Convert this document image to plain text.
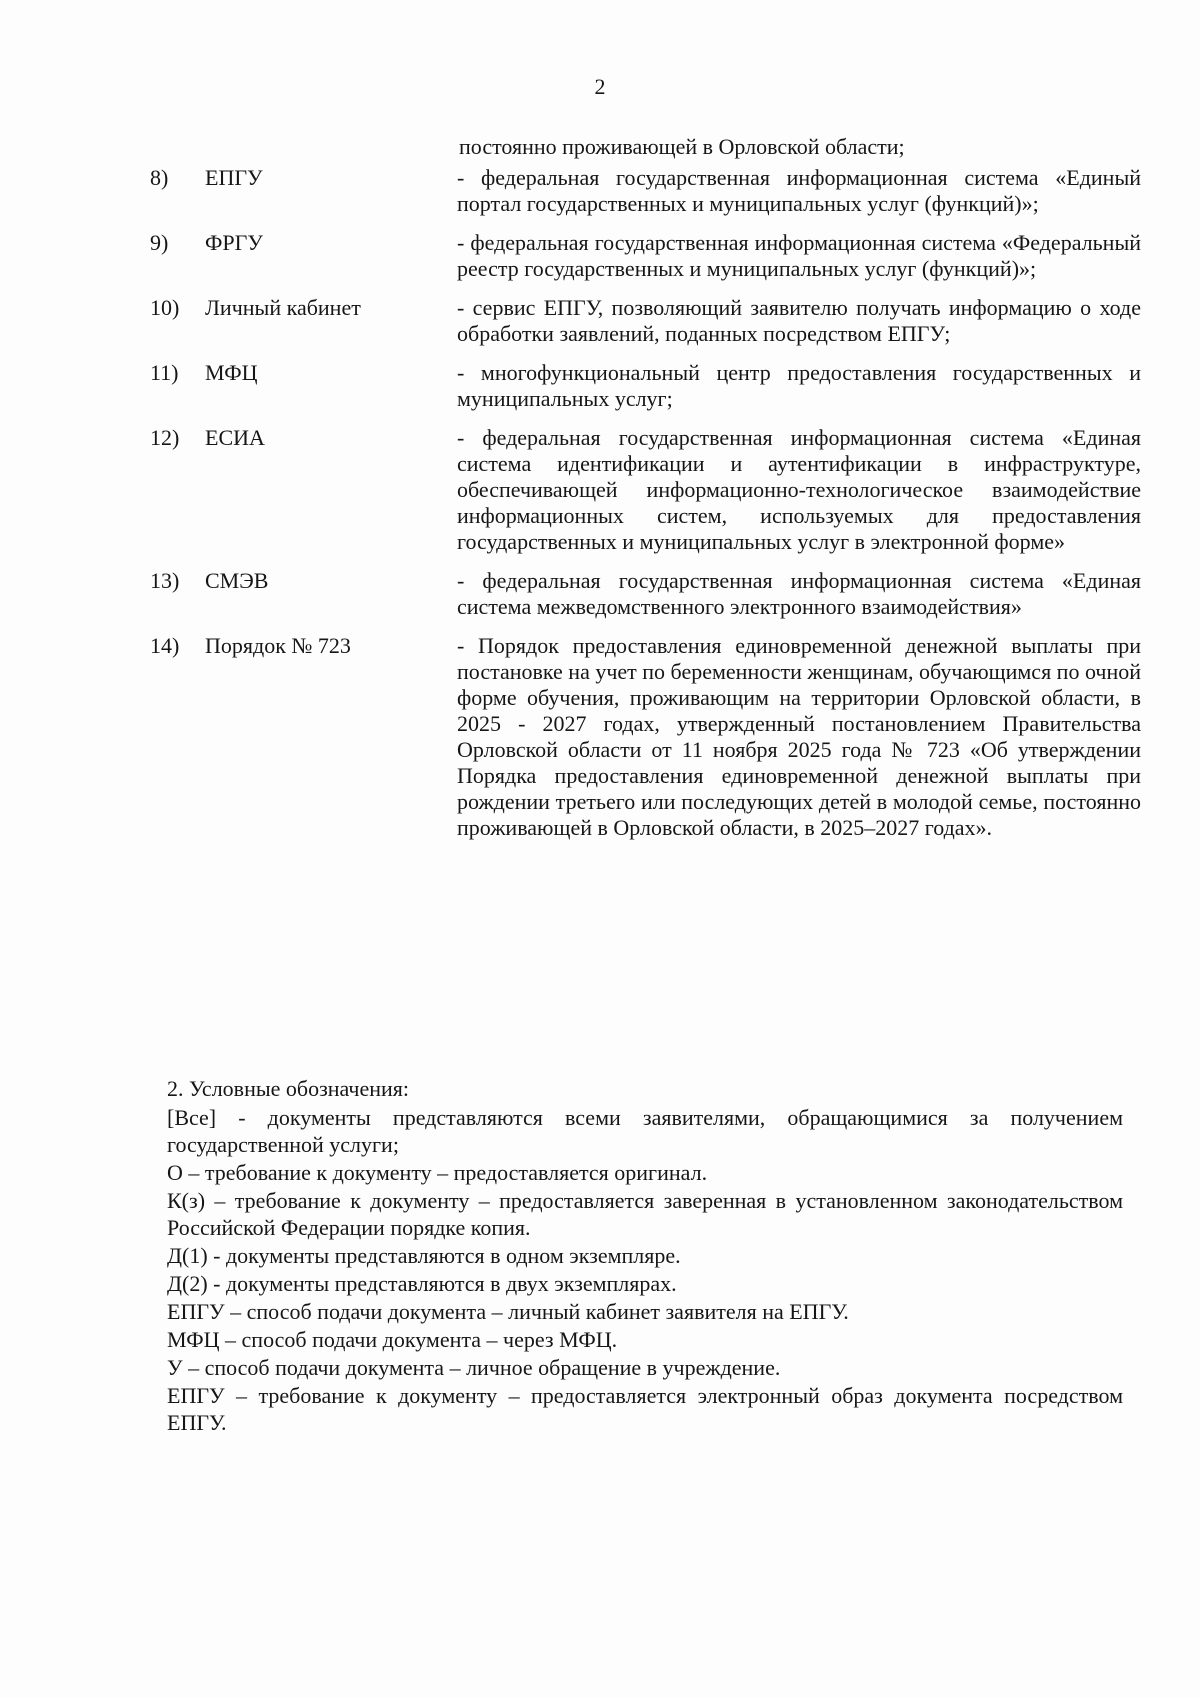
2
постоянно проживающей в Орловской области;
8)	ЕПГУ	- федеральная государственная информационная система «Единый портал государственных и муниципальных услуг (функций)»;
9)	ФРГУ	- федеральная государственная информационная система «Федеральный реестр государственных и муниципальных услуг (функций)»;
10)	Личный кабинет	- сервис ЕПГУ, позволяющий заявителю получать информацию о ходе обработки заявлений, поданных посредством ЕПГУ;
11)	МФЦ	- многофункциональный центр предоставления государственных и муниципальных услуг;
12)	ЕСИА	- федеральная государственная информационная система «Единая система идентификации и аутентификации в инфраструктуре, обеспечивающей информационно-технологическое взаимодействие информационных систем, используемых для предоставления государственных и муниципальных услуг в электронной форме»
13)	СМЭВ	- федеральная государственная информационная система «Единая система межведомственного электронного взаимодействия»
14)	Порядок № 723	- Порядок предоставления единовременной денежной выплаты при постановке на учет по беременности женщинам, обучающимся по очной форме обучения, проживающим на территории Орловской области, в 2025 - 2027 годах, утвержденный постановлением Правительства Орловской области от 11 ноября 2025 года № 723 «Об утверждении Порядка предоставления единовременной денежной выплаты при рождении третьего или последующих детей в молодой семье, постоянно проживающей в Орловской области, в 2025–2027 годах».
2. Условные обозначения:

[Все] - документы представляются всеми заявителями, обращающимися за получением государственной услуги;

О – требование к документу – предоставляется оригинал.

К(з) – требование к документу – предоставляется заверенная в установленном законодательством Российской Федерации порядке копия.

Д(1) - документы представляются в одном экземпляре.

Д(2) - документы представляются в двух экземплярах.

ЕПГУ – способ подачи документа – личный кабинет заявителя на ЕПГУ.

МФЦ – способ подачи документа – через МФЦ.

У – способ подачи документа – личное обращение в учреждение.

ЕПГУ – требование к документу – предоставляется электронный образ документа посредством ЕПГУ.
